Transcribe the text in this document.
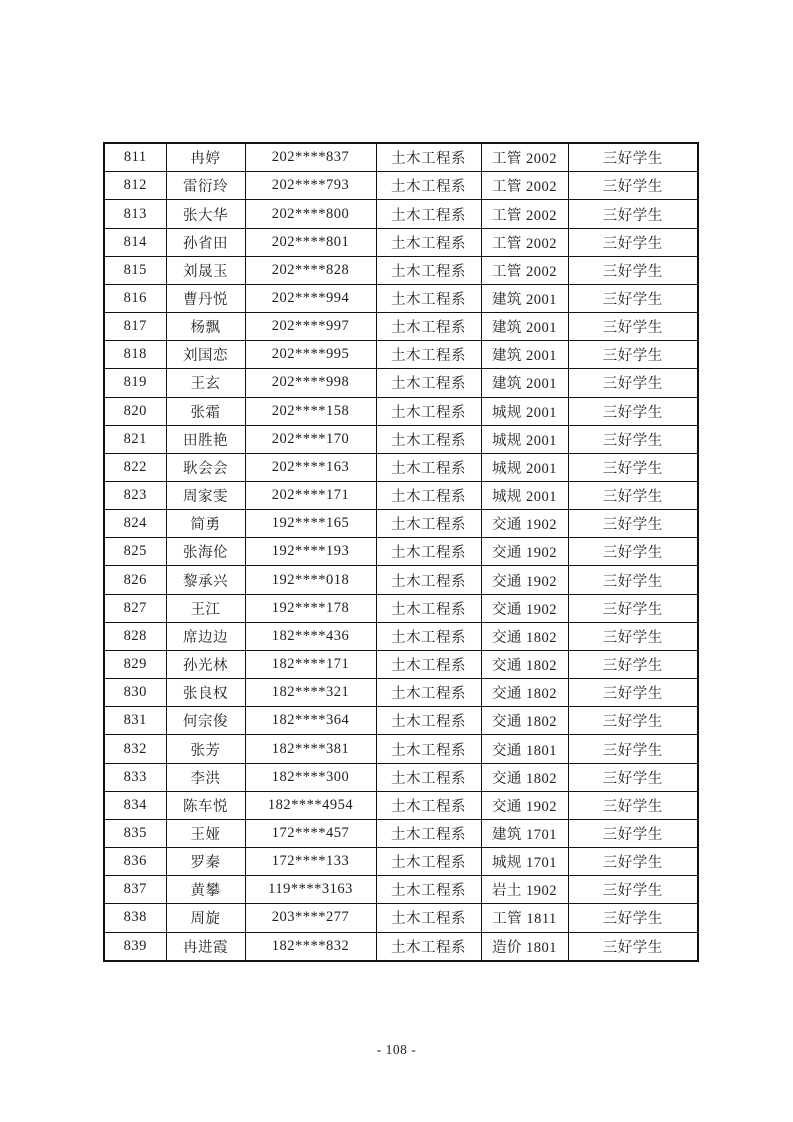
811	冉婷	202****837	土木工程系	工管 2002	三好学生
812	雷衍玲	202****793	土木工程系	工管 2002	三好学生
813	张大华	202****800	土木工程系	工管 2002	三好学生
814	孙省田	202****801	土木工程系	工管 2002	三好学生
815	刘晟玉	202****828	土木工程系	工管 2002	三好学生
816	曹丹悦	202****994	土木工程系	建筑 2001	三好学生
817	杨飘	202****997	土木工程系	建筑 2001	三好学生
818	刘国恋	202****995	土木工程系	建筑 2001	三好学生
819	王玄	202****998	土木工程系	建筑 2001	三好学生
820	张霜	202****158	土木工程系	城规 2001	三好学生
821	田胜艳	202****170	土木工程系	城规 2001	三好学生
822	耿会会	202****163	土木工程系	城规 2001	三好学生
823	周家雯	202****171	土木工程系	城规 2001	三好学生
824	简勇	192****165	土木工程系	交通 1902	三好学生
825	张海伦	192****193	土木工程系	交通 1902	三好学生
826	黎承兴	192****018	土木工程系	交通 1902	三好学生
827	王江	192****178	土木工程系	交通 1902	三好学生
828	席边边	182****436	土木工程系	交通 1802	三好学生
829	孙光林	182****171	土木工程系	交通 1802	三好学生
830	张良权	182****321	土木工程系	交通 1802	三好学生
831	何宗俊	182****364	土木工程系	交通 1802	三好学生
832	张芳	182****381	土木工程系	交通 1801	三好学生
833	李洪	182****300	土木工程系	交通 1802	三好学生
834	陈车悦	182****4954	土木工程系	交通 1902	三好学生
835	王娅	172****457	土木工程系	建筑 1701	三好学生
836	罗秦	172****133	土木工程系	城规 1701	三好学生
837	黄攀	119****3163	土木工程系	岩土 1902	三好学生
838	周旋	203****277	土木工程系	工管 1811	三好学生
839	冉进霞	182****832	土木工程系	造价 1801	三好学生
- 108 -
